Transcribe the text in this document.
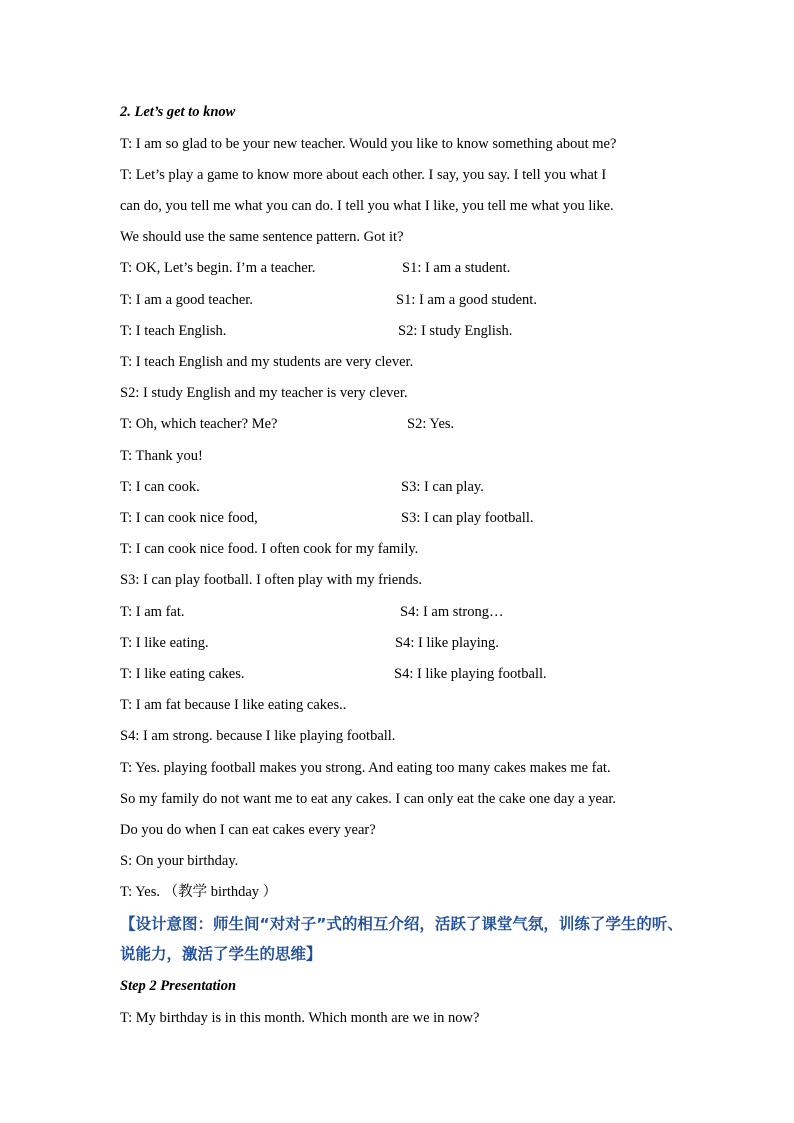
2. Let’s get to know
T: I am so glad to be your new teacher. Would you like to know something about me?
T: Let’s play a game to know more about each other. I say, you say. I tell you what I
can do, you tell me what you can do. I tell you what I like, you tell me what you like.
We should use the same sentence pattern. Got it?
T: OK, Let’s begin. I’m a teacher.	S1: I am a student.
T: I am a good teacher.	S1: I am a good student.
T: I teach English.	S2: I study English.
T: I teach English and my students are very clever.
S2: I study English and my teacher is very clever.
T: Oh, which teacher? Me?	S2: Yes.
T: Thank you!
T: I can cook.	S3: I can play.
T: I can cook nice food,	S3: I can play football.
T: I can cook nice food. I often cook for my family.
S3: I can play football. I often play with my friends.
T: I am fat.	S4: I am strong…
T: I like eating.	S4: I like playing.
T: I like eating cakes.	S4: I like playing football.
T: I am fat because I like eating cakes..
S4: I am strong. because I like playing football.
T: Yes. playing football makes you strong. And eating too many cakes makes me fat.
So my family do not want me to eat any cakes. I can only eat the cake one day a year.
Do you do when I can eat cakes every year?
S: On your birthday.
T: Yes. （教学 birthday ）
【设计意图：师生间“对对子”式的相互介绍，活跃了课堂气氛，训练了学生的听、说能力，激活了学生的思维】
Step 2 Presentation
T: My birthday is in this month. Which month are we in now?
